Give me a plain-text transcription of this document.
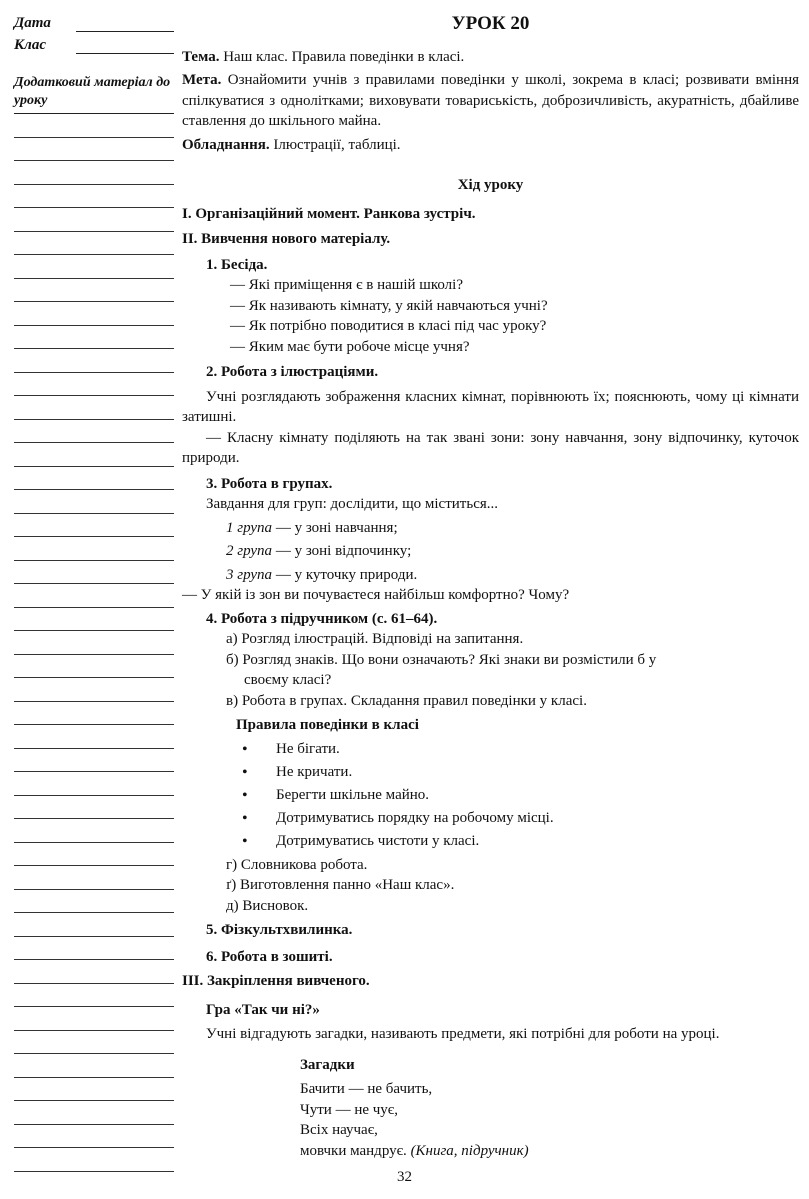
Дата
Клас
Додатковий матеріал до уроку
УРОК 20
Тема. Наш клас. Правила поведінки в класі.
Мета. Ознайомити учнів з правилами поведінки у школі, зокрема в класі; розвивати вміння спілкуватися з однолітками; виховувати товариськість, доброзичливість, акуратність, дбайливе ставлення до шкільного майна.
Обладнання. Ілюстрації, таблиці.
Хід уроку
I. Організаційний момент. Ранкова зустріч.
II. Вивчення нового матеріалу.
1. Бесіда.
— Які приміщення є в нашій школі?
— Як називають кімнату, у якій навчаються учні?
— Як потрібно поводитися в класі під час уроку?
— Яким має бути робоче місце учня?
2. Робота з ілюстраціями.
Учні розглядають зображення класних кімнат, порівнюють їх; пояснюють, чому ці кімнати затишні.
— Класну кімнату поділяють на так звані зони: зону навчання, зону відпочинку, куточок природи.
3. Робота в групах.
Завдання для груп: дослідити, що міститься...
1 група — у зоні навчання;
2 група — у зоні відпочинку;
3 група — у куточку природи.
— У якій із зон ви почуваєтеся найбільш комфортно? Чому?
4. Робота з підручником (с. 61–64).
а) Розгляд ілюстрацій. Відповіді на запитання.
б) Розгляд знаків. Що вони означають? Які знаки ви розмістили б у
своєму класі?
в) Робота в групах. Складання правил поведінки у класі.
Правила поведінки в класі
• Не бігати.
• Не кричати.
• Берегти шкільне майно.
• Дотримуватись порядку на робочому місці.
• Дотримуватись чистоти у класі.
г) Словникова робота.
ґ) Виготовлення панно «Наш клас».
д) Висновок.
5. Фізкультхвилинка.
6. Робота в зошиті.
III. Закріплення вивченого.
Гра «Так чи ні?»
Учні відгадують загадки, називають предмети, які потрібні для роботи на уроці.
Загадки
Бачити — не бачить,
Чути — не чує,
Всіх научає,
мовчки мандрує. (Книга, підручник)
32
